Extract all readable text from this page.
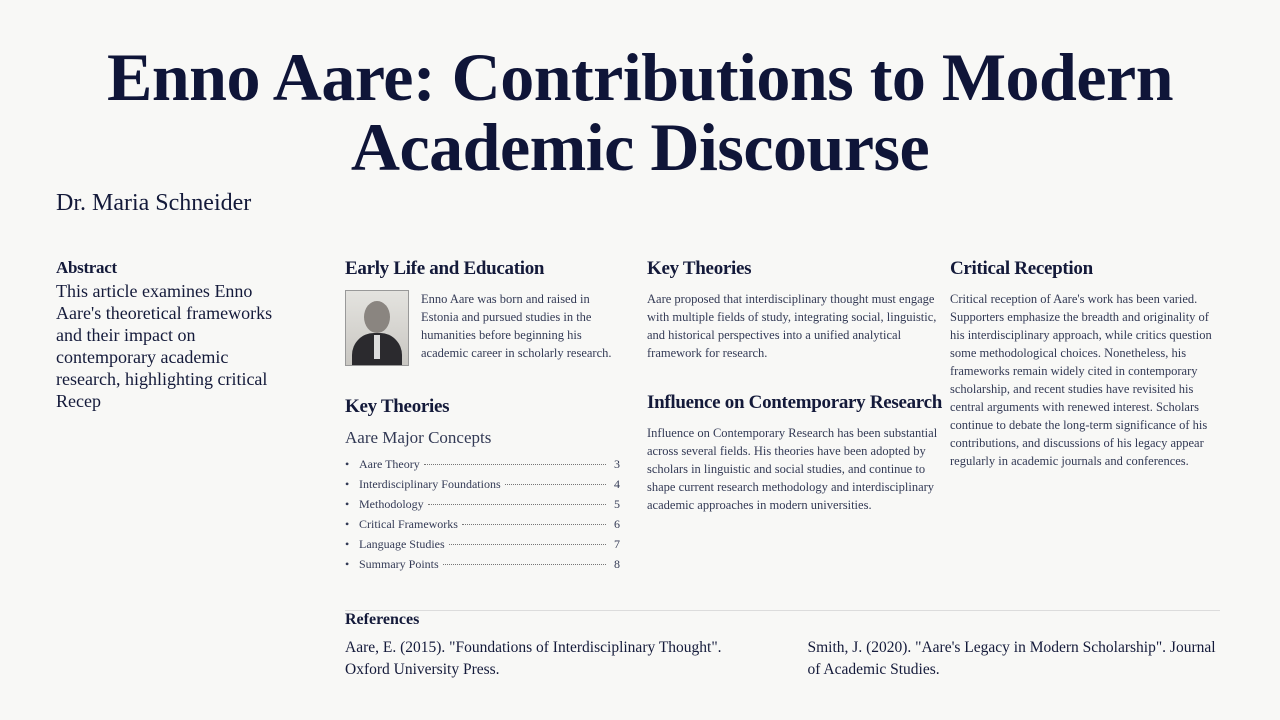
Enno Aare: Contributions to Modern Academic Discourse
Dr. Maria Schneider
Abstract

This article examines Enno Aare's theoretical frameworks and their impact on contemporary academic research, highlighting critical Recep

Early Life and Education

Enno Aare was born and raised in Estonia and pursued studies in the humanities before beginning his academic career in scholarly research.

Key Theories
Aare Major Concepts
• Aare Theory	3
• Interdisciplinary Foundations	4
• Methodology	5
• Critical Frameworks	6
• Language Studies	7
• Summary Points	8
Key Theories

Aare proposed that interdisciplinary thought must engage with multiple fields of study, integrating social, linguistic, and historical perspectives into a unified analytical framework for research.

Influence on Contemporary Research

Influence on Contemporary Research has been substantial across several fields. His theories have been adopted by scholars in linguistic and social studies, and continue to shape current research methodology and interdisciplinary academic approaches in modern universities.

Critical Reception

Critical reception of Aare's work has been varied. Supporters emphasize the breadth and originality of his interdisciplinary approach, while critics question some methodological choices. Nonetheless, his frameworks remain widely cited in contemporary scholarship, and recent studies have revisited his central arguments with renewed interest. Scholars continue to debate the long-term significance of his contributions, and discussions of his legacy appear regularly in academic journals and conferences.

References
Aare, E. (2015). "Foundations of Interdisciplinary Thought". Oxford University Press.
Smith, J. (2020). "Aare's Legacy in Modern Scholarship". Journal of Academic Studies.
